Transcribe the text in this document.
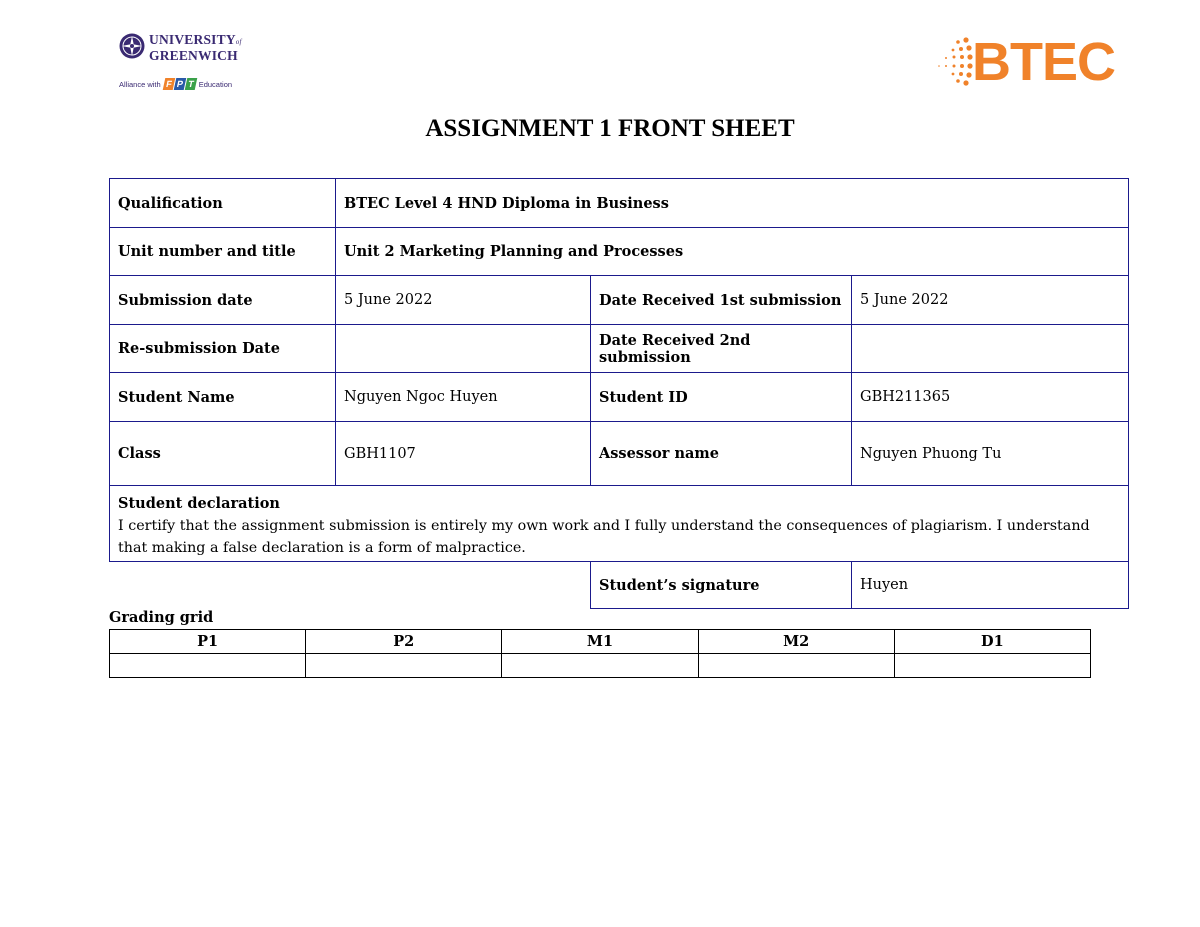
UNIVERSITYof
GREENWICH
Alliance with F P T Education	BTEC
ASSIGNMENT 1 FRONT SHEET
Qualification	BTEC Level 4 HND Diploma in Business		
Unit number and title	Unit 2 Marketing Planning and Processes		
Submission date	5 June 2022	Date Received 1st submission	5 June 2022
Re-submission Date		Date Received 2nd submission	
Student Name	Nguyen Ngoc Huyen	Student ID	GBH211365
Class	GBH1107	Assessor name	Nguyen Phuong Tu

Student declaration
I certify that the assignment submission is entirely my own work and I fully understand the consequences of plagiarism. I understand that making a false declaration is a form of malpractice.			

		Student’s signature	Huyen
Grading grid
P1	P2	M1	M2	D1
